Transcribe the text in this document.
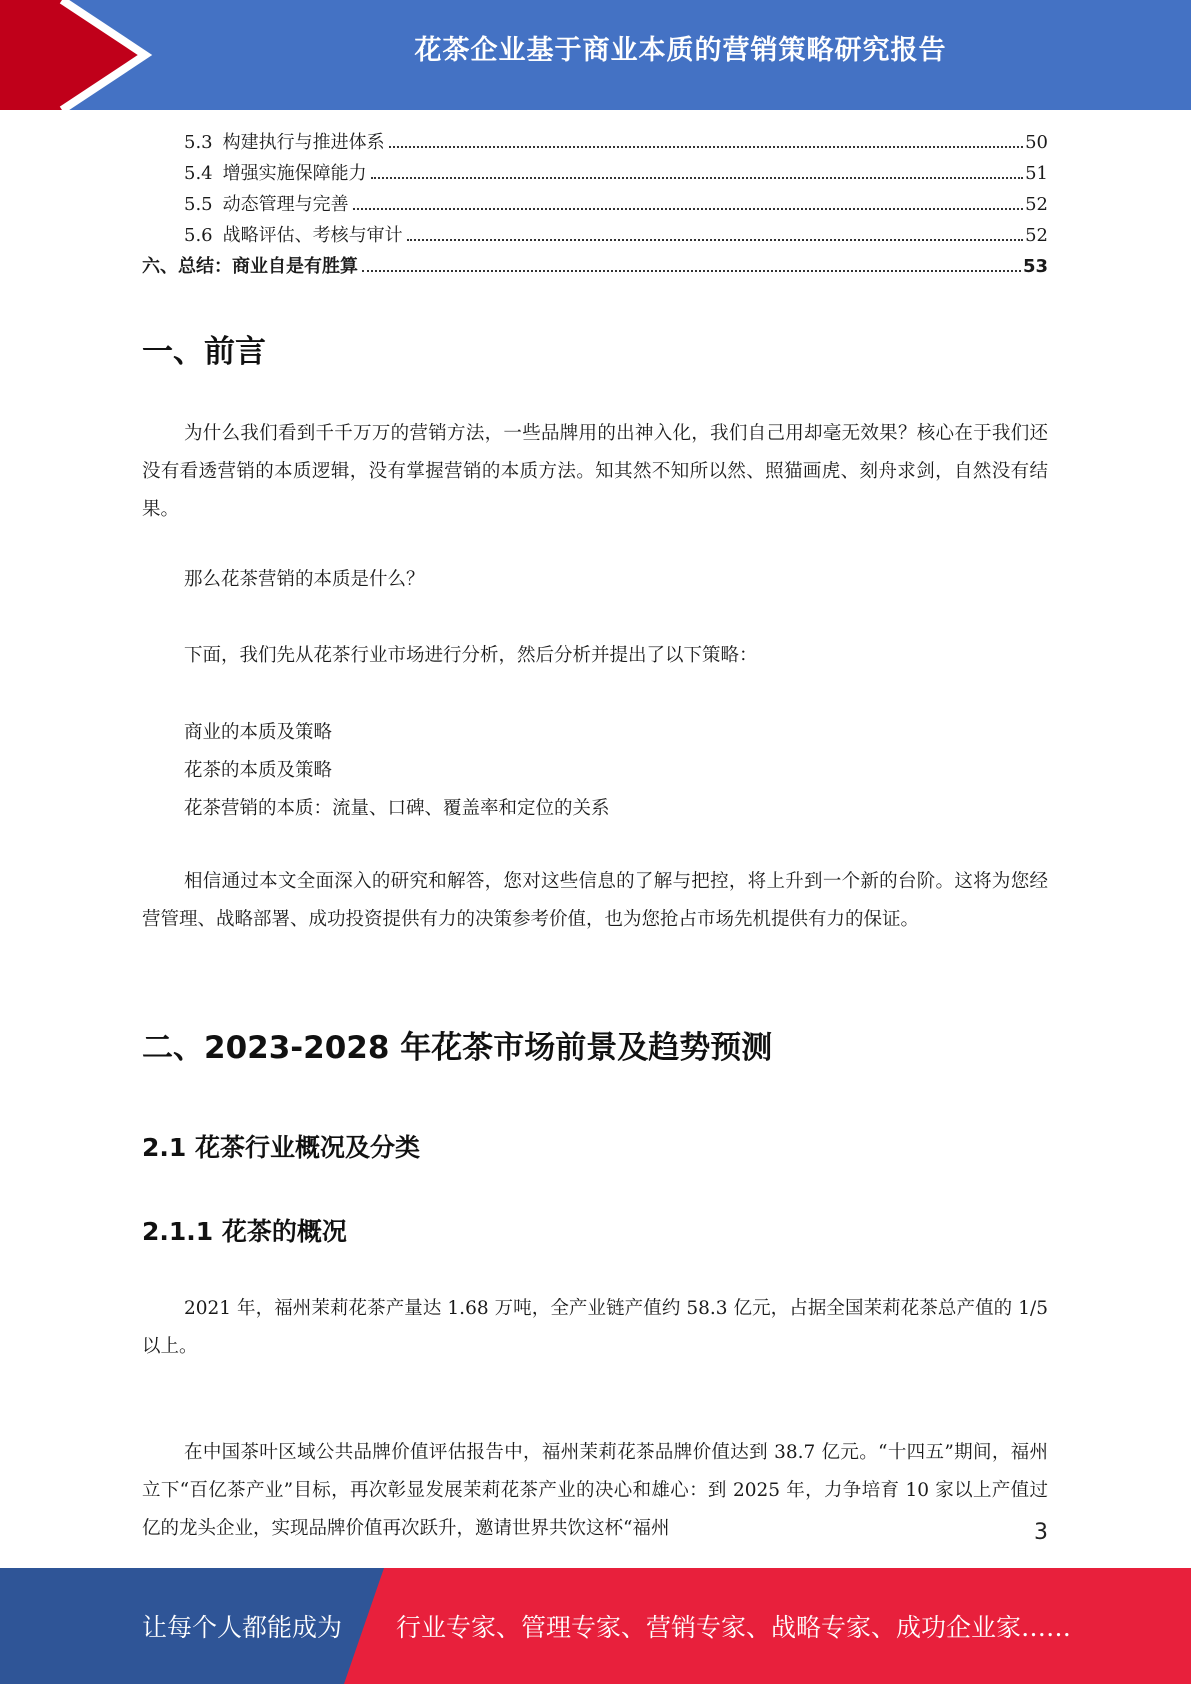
花茶企业基于商业本质的营销策略研究报告
5.3 构建执行与推进体系	50
5.4 增强实施保障能力	51
5.5 动态管理与完善	52
5.6 战略评估、考核与审计	52
六、总结：商业自是有胜算	53
一、前言
为什么我们看到千千万万的营销方法，一些品牌用的出神入化，我们自己用却毫无效果？核心在于我们还没有看透营销的本质逻辑，没有掌握营销的本质方法。知其然不知所以然、照猫画虎、刻舟求剑，自然没有结果。
那么花茶营销的本质是什么？
下面，我们先从花茶行业市场进行分析，然后分析并提出了以下策略：
商业的本质及策略
花茶的本质及策略
花茶营销的本质：流量、口碑、覆盖率和定位的关系
相信通过本文全面深入的研究和解答，您对这些信息的了解与把控，将上升到一个新的台阶。这将为您经营管理、战略部署、成功投资提供有力的决策参考价值，也为您抢占市场先机提供有力的保证。
二、2023-2028 年花茶市场前景及趋势预测
2.1 花茶行业概况及分类
2.1.1 花茶的概况
2021 年，福州茉莉花茶产量达 1.68 万吨，全产业链产值约 58.3 亿元，占据全国茉莉花茶总产值的 1/5 以上。
在中国茶叶区域公共品牌价值评估报告中，福州茉莉花茶品牌价值达到 38.7 亿元。“十四五”期间，福州立下“百亿茶产业”目标，再次彰显发展茉莉花茶产业的决心和雄心：到 2025 年，力争培育 10 家以上产值过亿的龙头企业，实现品牌价值再次跃升，邀请世界共饮这杯“福州	3
让每个人都能成为 行业专家、管理专家、营销专家、战略专家、成功企业家……
